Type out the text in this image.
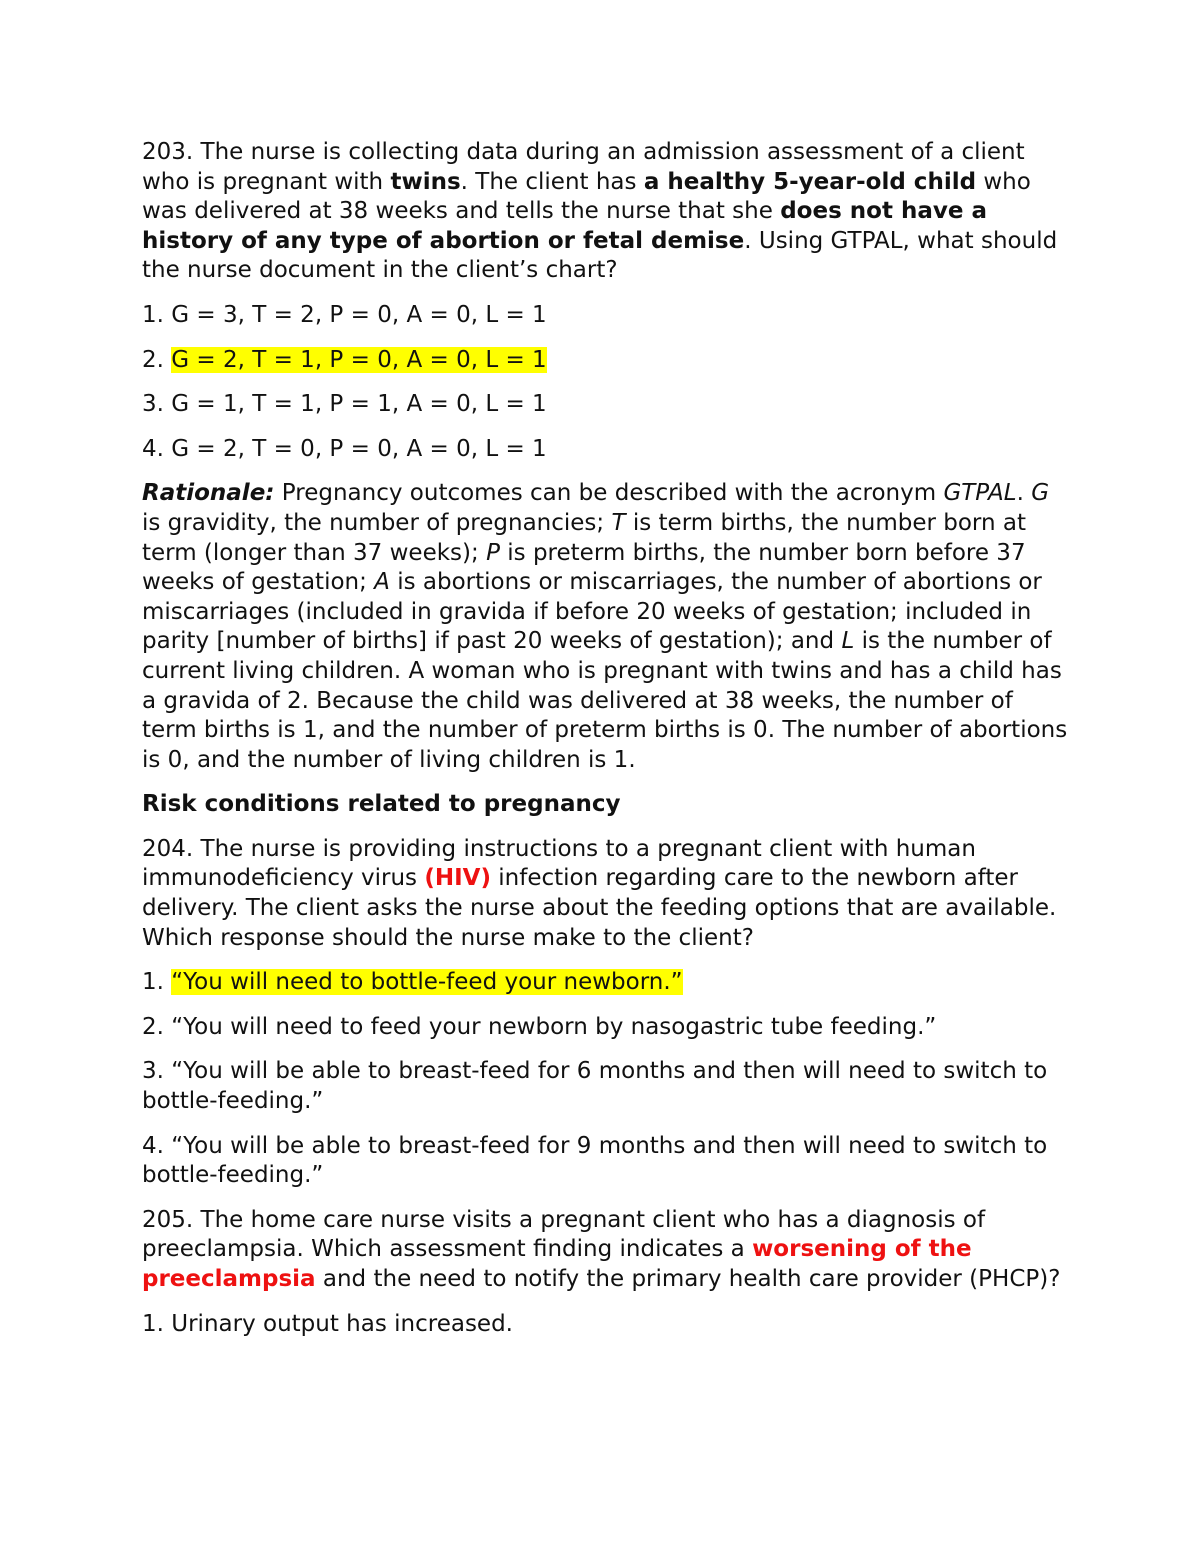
203. The nurse is collecting data during an admission assessment of a client who is pregnant with twins. The client has a healthy 5-year-old child who was delivered at 38 weeks and tells the nurse that she does not have a history of any type of abortion or fetal demise. Using GTPAL, what should the nurse document in the client’s chart?

1. G = 3, T = 2, P = 0, A = 0, L = 1

2. G = 2, T = 1, P = 0, A = 0, L = 1

3. G = 1, T = 1, P = 1, A = 0, L = 1

4. G = 2, T = 0, P = 0, A = 0, L = 1

Rationale: Pregnancy outcomes can be described with the acronym GTPAL. G is gravidity, the number of pregnancies; T is term births, the number born at term (longer than 37 weeks); P is preterm births, the number born before 37 weeks of gestation; A is abortions or miscarriages, the number of abortions or miscarriages (included in gravida if before 20 weeks of gestation; included in parity [number of births] if past 20 weeks of gestation); and L is the number of current living children. A woman who is pregnant with twins and has a child has a gravida of 2. Because the child was delivered at 38 weeks, the number of term births is 1, and the number of preterm births is 0. The number of abortions is 0, and the number of living children is 1.

Risk conditions related to pregnancy

204. The nurse is providing instructions to a pregnant client with human immunodeficiency virus (HIV) infection regarding care to the newborn after delivery. The client asks the nurse about the feeding options that are available. Which response should the nurse make to the client?

1. “You will need to bottle-feed your newborn.”

2. “You will need to feed your newborn by nasogastric tube feeding.”

3. “You will be able to breast-feed for 6 months and then will need to switch to bottle-feeding.”

4. “You will be able to breast-feed for 9 months and then will need to switch to bottle-feeding.”

205. The home care nurse visits a pregnant client who has a diagnosis of preeclampsia. Which assessment finding indicates a worsening of the preeclampsia and the need to notify the primary health care provider (PHCP)?

1. Urinary output has increased.
